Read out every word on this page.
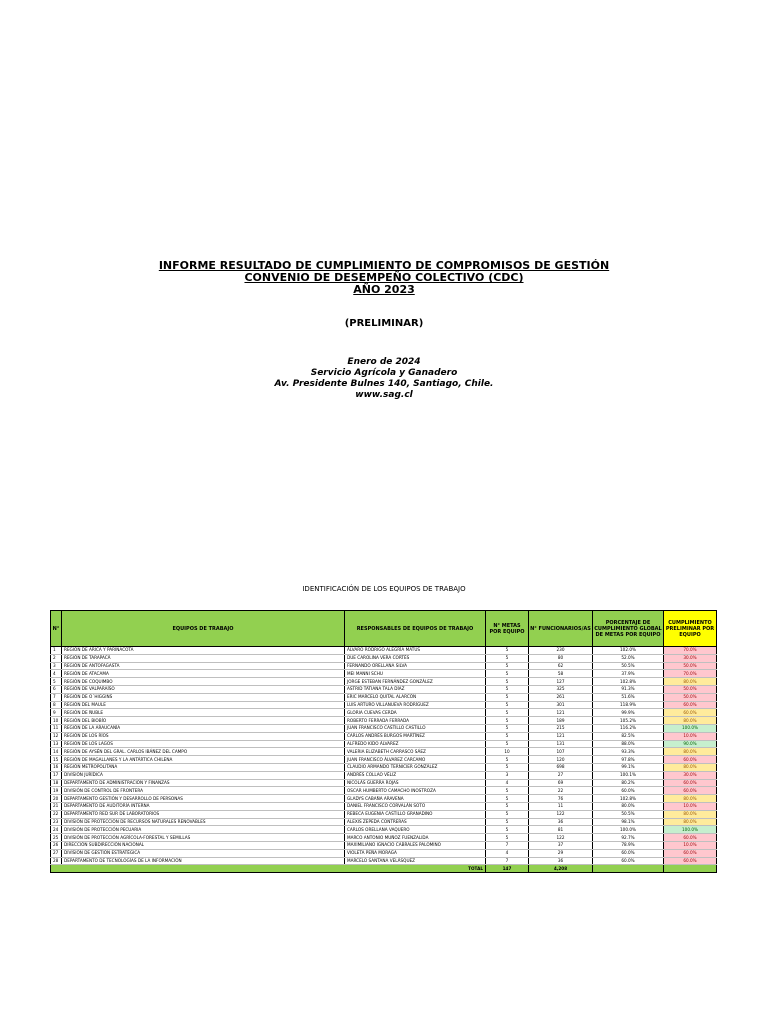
INFORME RESULTADO DE CUMPLIMIENTO DE COMPROMISOS DE GESTIÓN
CONVENIO DE DESEMPEÑO COLECTIVO (CDC)
AÑO 2023
(PRELIMINAR)
Enero de 2024
Servicio Agrícola y Ganadero
Av. Presidente Bulnes 140, Santiago, Chile.
www.sag.cl
IDENTIFICACIÓN DE LOS EQUIPOS DE TRABAJO
N°	EQUIPOS DE TRABAJO	RESPONSABLES DE EQUIPOS DE TRABAJO	N° METAS POR EQUIPO	N° FUNCIONARIOS/AS	PORCENTAJE DE CUMPLIMIENTO GLOBAL DE METAS POR EQUIPO	CUMPLIMIENTO PRELIMINAR POR EQUIPO
1	REGIÓN DE ARICA Y PARINACOTA	ÁLVARO RODRIGO ALEGRÍA MATUS	5	230	102.0%	70.0%
2	REGIÓN DE TARAPACÁ	DUE CAROLINA VERA CORTÉS	5	80	52.0%	30.0%
3	REGIÓN DE ANTOFAGASTA	FERNANDO ORELLANA SILVA	5	62	50.5%	50.0%
4	REGIÓN DE ATACAMA	MEI MANNI SCHU	5	58	37.9%	70.0%
5	REGIÓN DE COQUIMBO	JORGE ESTEBAN FERNÁNDEZ GONZÁLEZ	5	127	102.8%	80.0%
6	REGIÓN DE VALPARAÍSO	ASTRID TATIANA TALA DÍAZ	5	325	91.3%	50.0%
7	REGIÓN DE O´HIGGINS	ERIC MARCELO QUITAL ALARCÓN	5	261	51.6%	50.0%
8	REGIÓN DEL MAULE	LUIS ARTURO VILLANUEVA RODRÍGUEZ	5	301	118.9%	60.0%
9	REGIÓN DE ÑUBLE	GLORIA CUEVAS CERDA	5	121	99.9%	60.0%
10	REGIÓN DEL BIOBÍO	ROBERTO FERRADA FERRADA	5	189	105.2%	80.0%
11	REGIÓN DE LA ARAUCANÍA	JUAN FRANCISCO CASTILLO CASTILLO	5	215	116.2%	100.0%
12	REGIÓN DE LOS RÍOS	CARLOS ANDRÉS BURGOS MARTÍNEZ	5	121	82.5%	10.0%
13	REGIÓN DE LOS LAGOS	ALFREDO KIDO ÁLVAREZ	5	131	88.0%	90.0%
14	REGIÓN DE AYSÉN DEL GRAL. CARLOS IBÁÑEZ DEL CAMPO	VALERIA ELIZABETH CARRASCO SÁEZ	10	107	93.3%	80.0%
15	REGIÓN DE MAGALLANES Y LA ANTÁRTICA CHILENA	JUAN FRANCISCO ÁLVAREZ CARCAMO	5	120	97.8%	60.0%
16	REGIÓN METROPOLITANA	CLAUDIO ARMANDO TERNICIER GONZÁLEZ	5	698	99.1%	80.0%
17	DIVISIÓN JURÍDICA	ANDRÉS COLLAO VÉLIZ	3	27	100.1%	30.0%
18	DEPARTAMENTO DE ADMINISTRACIÓN Y FINANZAS	NICOLÁS GUERRA ROJAS	4	69	80.2%	60.0%
19	DIVISIÓN DE CONTROL DE FRONTERA	OSCAR HUMBERTO CAMACHO INOSTROZA	5	22	60.0%	60.0%
20	DEPARTAMENTO GESTIÓN Y DESARROLLO DE PERSONAS	GLADYS CABAÑA ARAVENA	5	76	102.8%	80.0%
21	DEPARTAMENTO DE AUDITORÍA INTERNA	DANIEL FRANCISCO CORVALÁN SOTO	5	11	80.0%	10.0%
22	DEPARTAMENTO RED SUR DE LABORATORIOS	REBECA EUGENIA CASTILLO GRANADINO	5	122	50.5%	80.0%
23	DIVISIÓN DE PROTECCIÓN DE RECURSOS NATURALES RENOVABLES	ALEXIS ZEPEDA CONTRERAS	5	36	98.1%	80.0%
24	DIVISIÓN DE PROTECCIÓN PECUARIA	CARLOS ORELLANA VAQUERO	5	81	100.0%	100.0%
25	DIVISIÓN DE PROTECCIÓN AGRÍCOLA-FORESTAL Y SEMILLAS	MARCO ANTONIO MUÑOZ FUENZALIDA	5	122	92.7%	60.0%
26	DIRECCIÓN SUBDIRECCIÓN NACIONAL	MAXIMILIANO IGNACIO CABRALES PALOMINO	7	37	78.9%	10.0%
27	DIVISIÓN DE GESTIÓN ESTRATÉGICA	VIOLETA PEÑA MORAGA	4	29	60.0%	60.0%
28	DEPARTAMENTO DE TECNOLOGÍAS DE LA INFORMACIÓN	MARCELO SANTANA VELÁSQUEZ	7	36	60.0%	60.0%
TOTAL			147	4,208		
